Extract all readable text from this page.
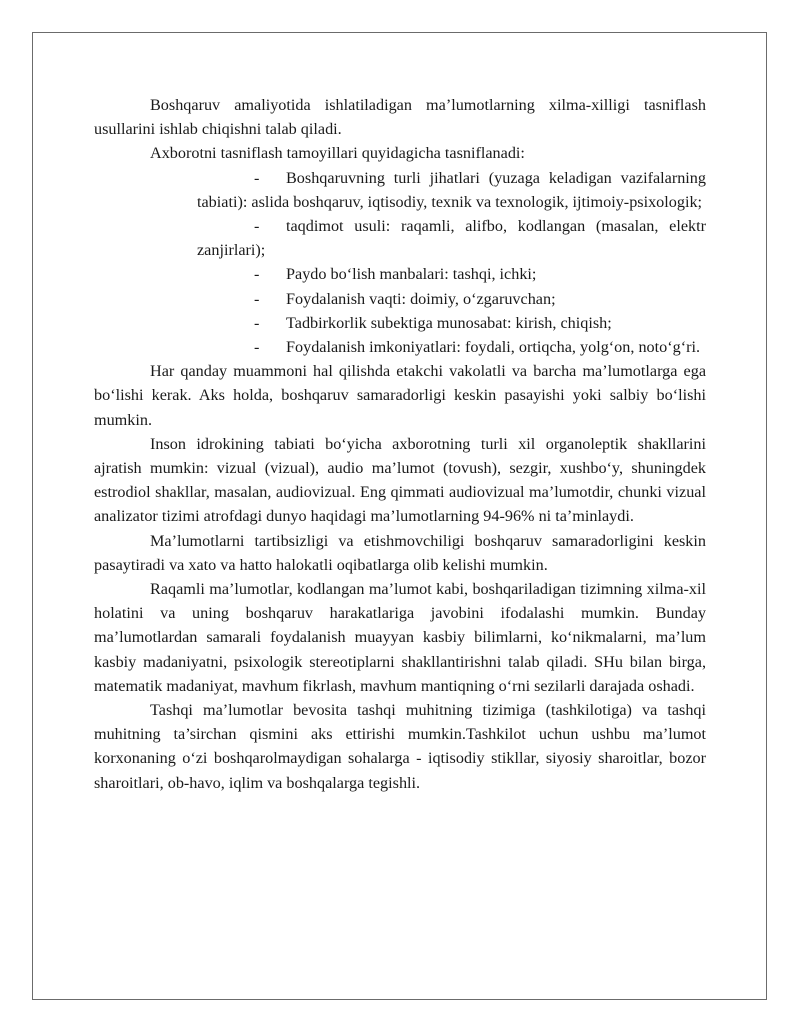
Boshqaruv amaliyotida ishlatiladigan ma’lumotlarning xilma-xilligi tasniflash usullarini ishlab chiqishni talab qiladi.

Axborotni tasniflash tamoyillari quyidagicha tasniflanadi:

- Boshqaruvning turli jihatlari (yuzaga keladigan vazifalarning tabiati): aslida boshqaruv, iqtisodiy, texnik va texnologik, ijtimoiy-psixologik;

- taqdimot usuli: raqamli, alifbo, kodlangan (masalan, elektr zanjirlari);

- Paydo bo‘lish manbalari: tashqi, ichki;

- Foydalanish vaqti: doimiy, o‘zgaruvchan;

- Tadbirkorlik subektiga munosabat: kirish, chiqish;

- Foydalanish imkoniyatlari: foydali, ortiqcha, yolg‘on, noto‘g‘ri.

Har qanday muammoni hal qilishda etakchi vakolatli va barcha ma’lumotlarga ega bo‘lishi kerak. Aks holda, boshqaruv samaradorligi keskin pasayishi yoki salbiy bo‘lishi mumkin.

Inson idrokining tabiati bo‘yicha axborotning turli xil organoleptik shakllarini ajratish mumkin: vizual (vizual), audio ma’lumot (tovush), sezgir, xushbo‘y, shuningdek estrodiol shakllar, masalan, audiovizual. Eng qimmati audiovizual ma’lumotdir, chunki vizual analizator tizimi atrofdagi dunyo haqidagi ma’lumotlarning 94-96% ni ta’minlaydi.

Ma’lumotlarni tartibsizligi va etishmovchiligi boshqaruv samaradorligini keskin pasaytiradi va xato va hatto halokatli oqibatlarga olib kelishi mumkin.

Raqamli ma’lumotlar, kodlangan ma’lumot kabi, boshqariladigan tizimning xilma-xil holatini va uning boshqaruv harakatlariga javobini ifodalashi mumkin. Bunday ma’lumotlardan samarali foydalanish muayyan kasbiy bilimlarni, ko‘nikmalarni, ma’lum kasbiy madaniyatni, psixologik stereotiplarni shakllantirishni talab qiladi. SHu bilan birga, matematik madaniyat, mavhum fikrlash, mavhum mantiqning o‘rni sezilarli darajada oshadi.

Tashqi ma’lumotlar bevosita tashqi muhitning tizimiga (tashkilotiga) va tashqi muhitning ta’sirchan qismini aks ettirishi mumkin.Tashkilot uchun ushbu ma’lumot korxonaning o‘zi boshqarolmaydigan sohalarga - iqtisodiy stikllar, siyosiy sharoitlar, bozor sharoitlari, ob-havo, iqlim va boshqalarga tegishli.
